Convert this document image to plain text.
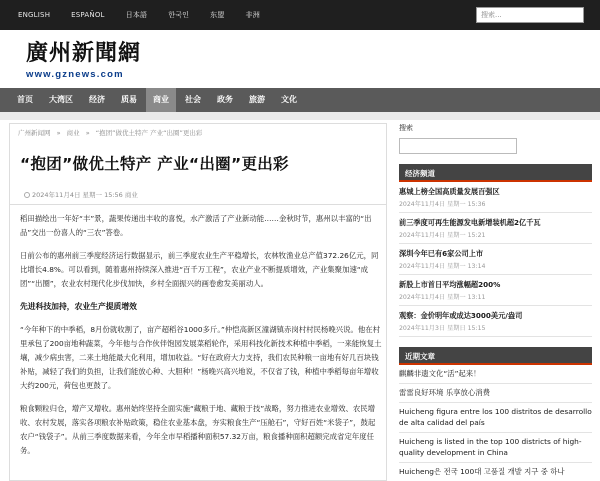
ENGLISH	ESPAÑOL	日本語	한국인	东盟	非洲	搜索...
廣州新聞網
www.gznews.com
首页	大湾区	经济	质易	商业	社会	政务	旅游	文化
广州新闻网 » 商业 » “抱团”做优土特产 产业“出圈”更出彩
“抱团”做优土特产 产业“出圈”更出彩
2024年11月4日 星期一 15:56 商业

稻田描绘出一年好“丰”景，蔬果传递出丰收的喜悦，水产激活了产业新动能……金秋时节，惠州以丰富的“出品”交出一份喜人的“三农”答卷。

日前公布的惠州前三季度经济运行数据显示，前三季度农业生产平稳增长，农林牧渔业总产值372.26亿元，同比增长4.8%。可以看到，随着惠州持续深入推进“百千万工程”，农业产业不断提质增效，产业集聚加速“成团”“出圈”，农业农村现代化步伐加快，乡村全面振兴的画卷愈发美丽动人。

先进科技加持，农业生产提质增效

“今年种下的中季稻，8月份就收割了，亩产超稻谷1000多斤。”仲恺高新区潼湖镇赤岗村村民杨晚兴说。他在村里承包了200亩地种蔬菜，今年他与合作伙伴饱园发展菜稻轮作，采用科技化新技术种植中季稻，一来能恢复土壤，减少病虫害，二来土地能最大化利用，增加收益。“好在政府大力支持，我们农民种粮一亩地有好几百块钱补贴，减轻了我们的负担，让我们能放心种、大胆种！”杨晚兴高兴地说，不仅省了钱，种植中季稻每亩年增收大约200元，荷包也更鼓了。

粮食颗粒归仓，增产又增收。惠州始终坚持全面实施“藏粮于地、藏粮于技”战略，努力推进农业增效、农民增收、农村发展，落实各项粮农补贴政策，稳住农业基本盘，夯实粮食生产“压舱石”，守好百姓“米袋子”，鼓起农户“钱袋子”。从前三季度数据来看，今年全市早稻播种面积57.32万亩，粮食播种面积超额完成省定年度任务。

搜索
经济频道
惠城上榜全国高质量发展百强区
2024年11月4日 星期一 15:36
前三季度可再生能源发电新增装机超2亿千瓦
2024年11月4日 星期一 15:21
深圳今年已有6家公司上市
2024年11月4日 星期一 13:14
新股上市首日平均涨幅超200%
2024年11月4日 星期一 13:11
观察：金价明年或成达3000美元/盎司
2024年11月3日 星期日 15:15
近期文章
麒麟非遗文化“活”起来！
雷雷良好环境 乐享放心消费
Huicheng figura entre los 100 distritos de desarrollo de alta calidad del país
Huicheng is listed in the top 100 districts of high-quality development in China
Huicheng은 전국 100대 고품질 개발 지구 중 하나
